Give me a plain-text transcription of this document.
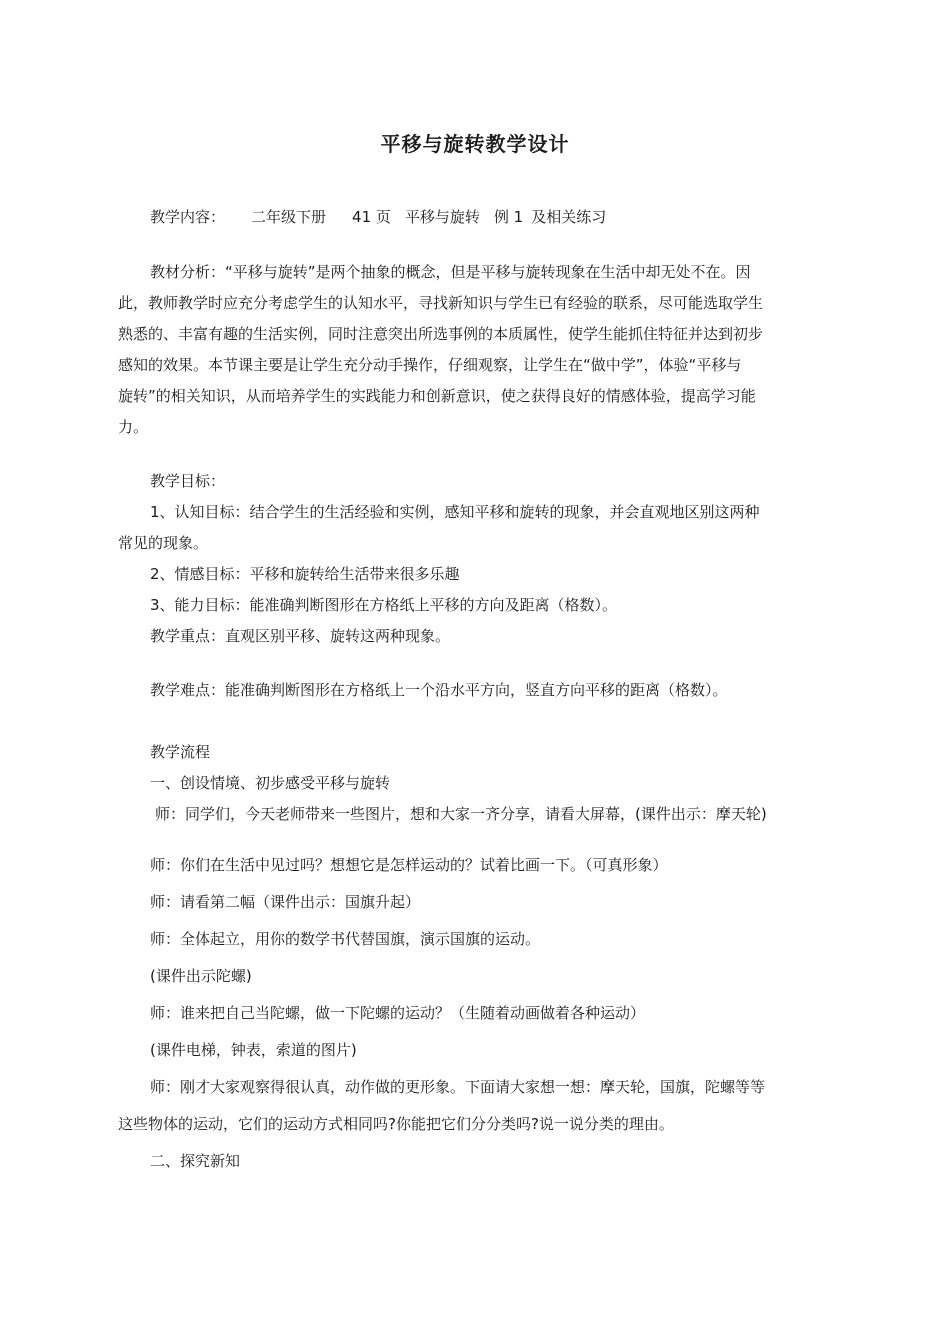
平移与旋转教学设计
教学内容： 二年级下册 41 页 平移与旋转 例 1 及相关练习
教材分析：“平移与旋转”是两个抽象的概念，但是平移与旋转现象在生活中却无处不在。因
此，教师教学时应充分考虑学生的认知水平，寻找新知识与学生已有经验的联系，尽可能选取学生
熟悉的、丰富有趣的生活实例，同时注意突出所选事例的本质属性，使学生能抓住特征并达到初步
感知的效果。本节课主要是让学生充分动手操作，仔细观察，让学生在“做中学”，体验“平移与
旋转”的相关知识，从而培养学生的实践能力和创新意识，使之获得良好的情感体验，提高学习能
力。
教学目标：
1、认知目标：结合学生的生活经验和实例，感知平移和旋转的现象，并会直观地区别这两种
常见的现象。
2、情感目标：平移和旋转给生活带来很多乐趣
3、能力目标：能准确判断图形在方格纸上平移的方向及距离（格数）。
教学重点：直观区别平移、旋转这两种现象。
教学难点：能准确判断图形在方格纸上一个沿水平方向，竖直方向平移的距离（格数）。
教学流程
一、创设情境、初步感受平移与旋转
师：同学们，今天老师带来一些图片，想和大家一齐分享，请看大屏幕，(课件出示：摩天轮)
师：你们在生活中见过吗？想想它是怎样运动的？试着比画一下。（可真形象）
师：请看第二幅（课件出示：国旗升起）
师：全体起立，用你的数学书代替国旗，演示国旗的运动。
(课件出示陀螺)
师：谁来把自己当陀螺，做一下陀螺的运动？（生随着动画做着各种运动）
(课件电梯，钟表，索道的图片)
师：刚才大家观察得很认真，动作做的更形象。下面请大家想一想：摩天轮，国旗，陀螺等等
这些物体的运动，它们的运动方式相同吗?你能把它们分分类吗?说一说分类的理由。
二、探究新知
